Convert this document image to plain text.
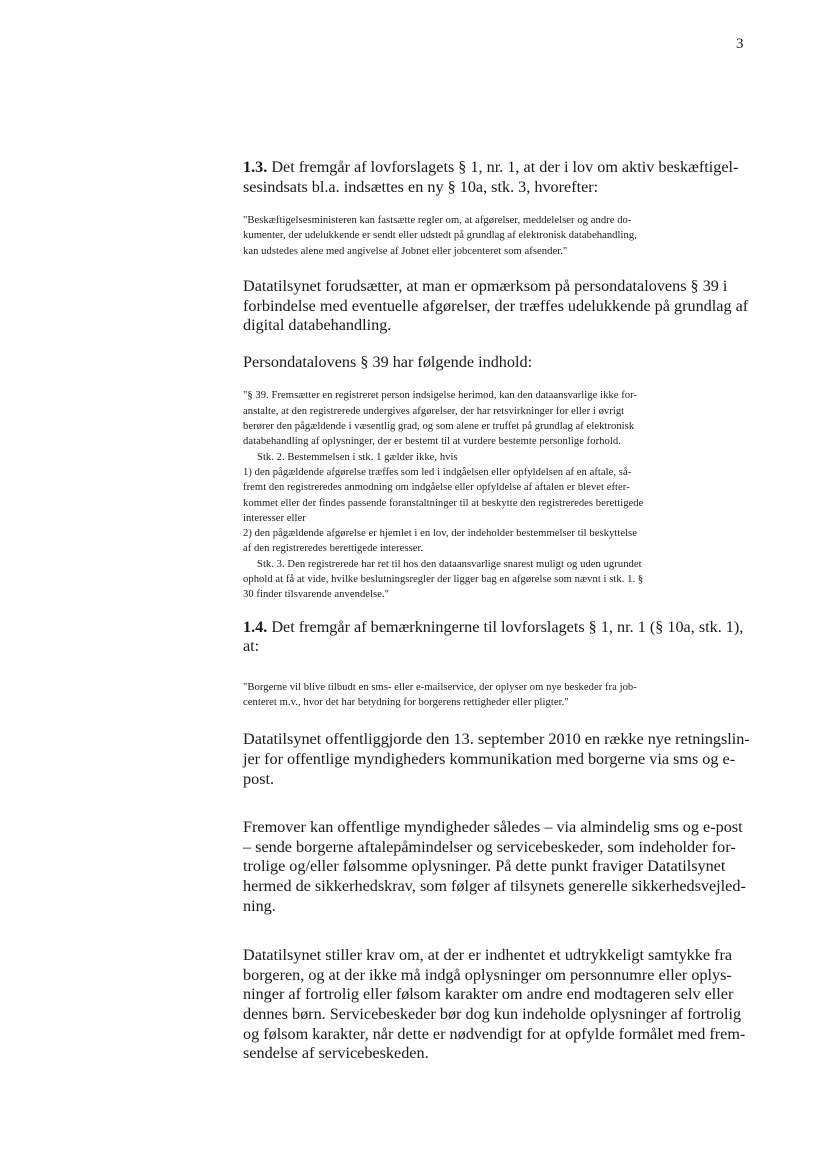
3
1.3. Det fremgår af lovforslagets § 1, nr. 1, at der i lov om aktiv beskæftigel-
sesindsats bl.a. indsættes en ny § 10a, stk. 3, hvorefter:
"Beskæftigelsesministeren kan fastsætte regler om, at afgørelser, meddelelser og andre do-
kumenter, der udelukkende er sendt eller udstedt på grundlag af elektronisk databehandling,
kan udstedes alene med angivelse af Jobnet eller jobcenteret som afsender."
Datatilsynet forudsætter, at man er opmærksom på persondatalovens § 39 i
forbindelse med eventuelle afgørelser, der træffes udelukkende på grundlag af
digital databehandling.
Persondatalovens § 39 har følgende indhold:
"§ 39. Fremsætter en registreret person indsigelse herimod, kan den dataansvarlige ikke for-
anstalte, at den registrerede undergives afgørelser, der har retsvirkninger for eller i øvrigt
berører den pågældende i væsentlig grad, og som alene er truffet på grundlag af elektronisk
databehandling af oplysninger, der er bestemt til at vurdere bestemte personlige forhold.
Stk. 2. Bestemmelsen i stk. 1 gælder ikke, hvis
1) den pågældende afgørelse træffes som led i indgåelsen eller opfyldelsen af en aftale, så-
fremt den registreredes anmodning om indgåelse eller opfyldelse af aftalen er blevet efter-
kommet eller der findes passende foranstaltninger til at beskytte den registreredes berettigede
interesser eller
2) den pågældende afgørelse er hjemlet i en lov, der indeholder bestemmelser til beskyttelse
af den registreredes berettigede interesser.
Stk. 3. Den registrerede har ret til hos den dataansvarlige snarest muligt og uden ugrundet
ophold at få at vide, hvilke beslutningsregler der ligger bag en afgørelse som nævnt i stk. 1. §
30 finder tilsvarende anvendelse."
1.4. Det fremgår af bemærkningerne til lovforslagets § 1, nr. 1 (§ 10a, stk. 1),
at:
"Borgerne vil blive tilbudt en sms- eller e-mailservice, der oplyser om nye beskeder fra job-
centeret m.v., hvor det har betydning for borgerens rettigheder eller pligter."
Datatilsynet offentliggjorde den 13. september 2010 en række nye retningslin-
jer for offentlige myndigheders kommunikation med borgerne via sms og e-
post.
Fremover kan offentlige myndigheder således – via almindelig sms og e-post
– sende borgerne aftalepåmindelser og servicebeskeder, som indeholder for-
trolige og/eller følsomme oplysninger. På dette punkt fraviger Datatilsynet
hermed de sikkerhedskrav, som følger af tilsynets generelle sikkerhedsvejled-
ning.
Datatilsynet stiller krav om, at der er indhentet et udtrykkeligt samtykke fra
borgeren, og at der ikke må indgå oplysninger om personnumre eller oplys-
ninger af fortrolig eller følsom karakter om andre end modtageren selv eller
dennes børn. Servicebeskeder bør dog kun indeholde oplysninger af fortrolig
og følsom karakter, når dette er nødvendigt for at opfylde formålet med frem-
sendelse af servicebeskeden.
